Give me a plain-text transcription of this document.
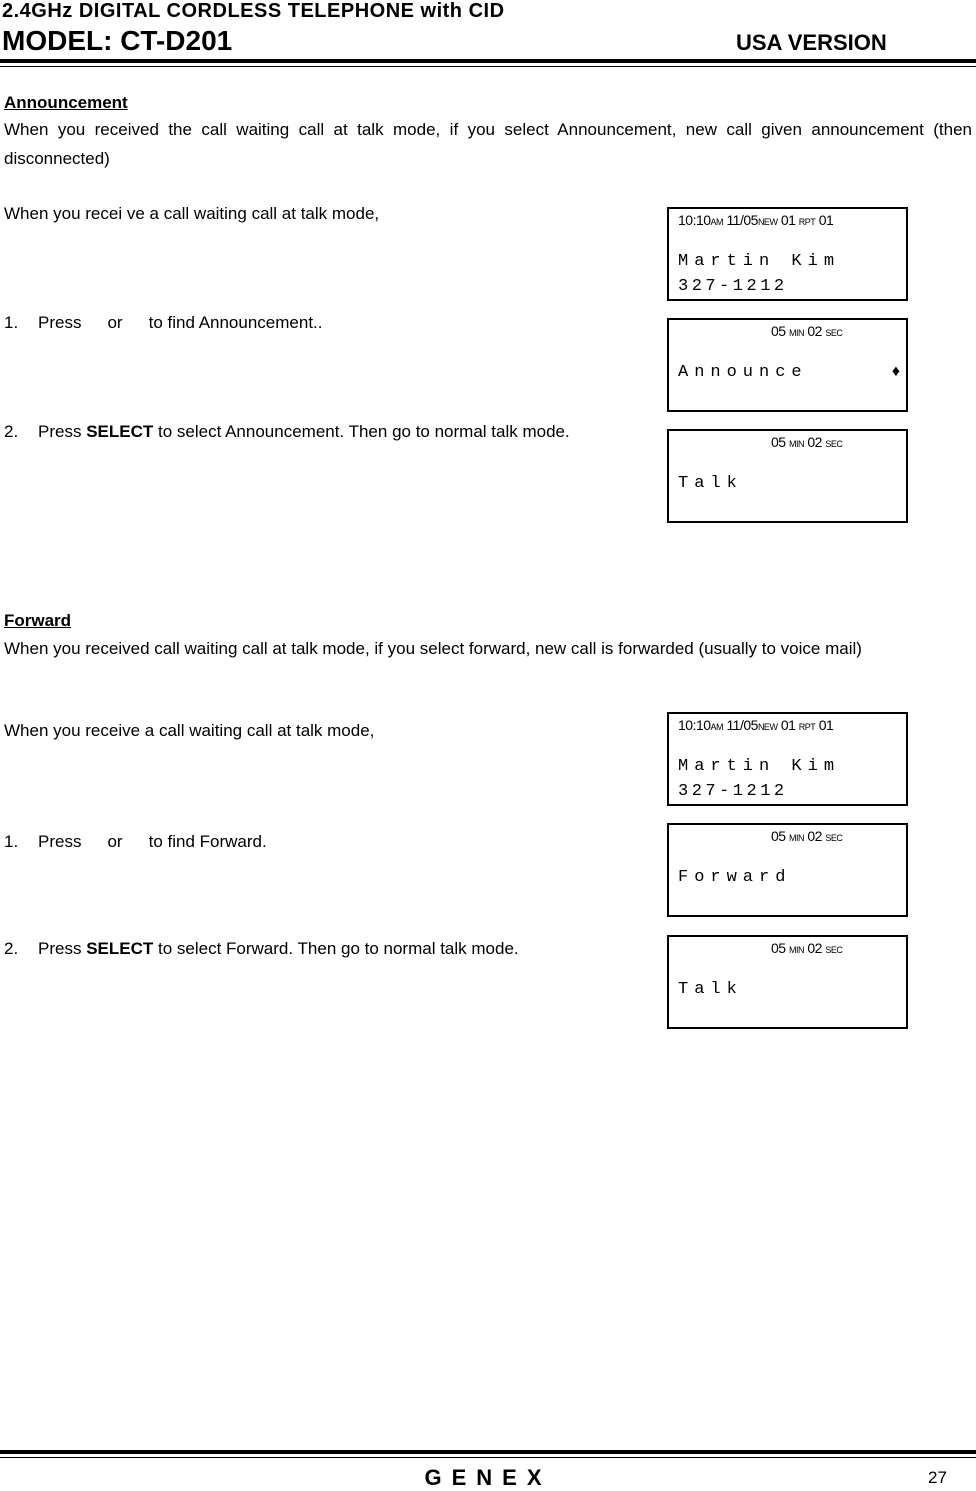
2.4GHz DIGITAL CORDLESS TELEPHONE with CID
MODEL: CT-D201	USA VERSION
Announcement
When you received the call waiting call at talk mode, if you select Announcement, new call given announcement (then disconnected)
When you recei ve a call waiting call at talk mode,
1. Press or to find Announcement..
2. Press SELECT to select Announcement. Then go to normal talk mode.
10:10AM 11/05NEW 01 RPT 01
Martin Kim
327-1212
05 MIN 02 SEC
Announce	♦
05 MIN 02 SEC
Talk
Forward
When you received call waiting call at talk mode, if you select forward, new call is forwarded (usually to voice mail)
When you receive a call waiting call at talk mode,
1. Press or to find Forward.
2. Press SELECT to select Forward. Then go to normal talk mode.
10:10AM 11/05NEW 01 RPT 01
Martin Kim
327-1212
05 MIN 02 SEC
Forward
05 MIN 02 SEC
Talk
GENEX	27
